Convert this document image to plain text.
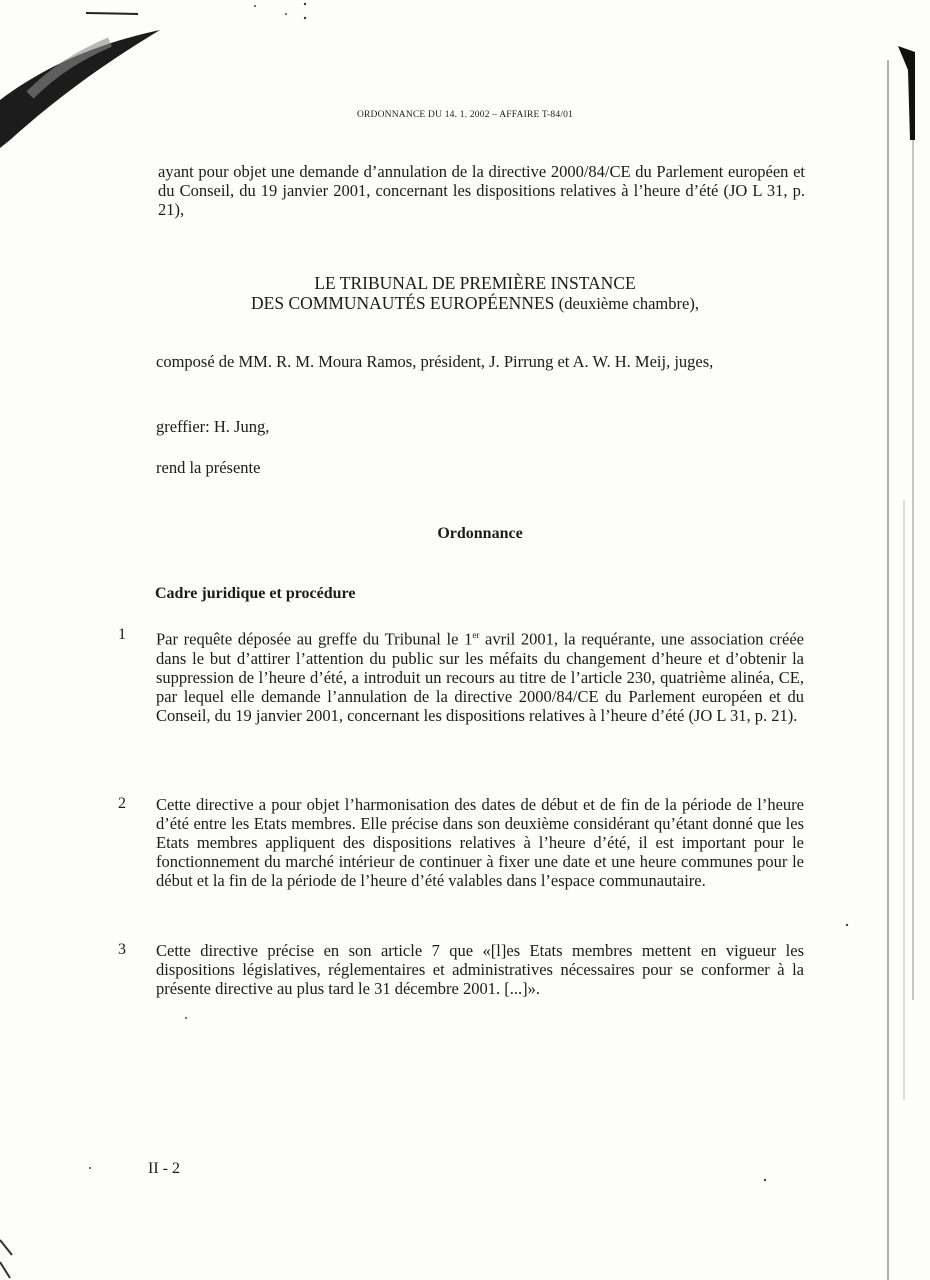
ORDONNANCE DU 14. 1. 2002 – AFFAIRE T-84/01
ayant pour objet une demande d’annulation de la directive 2000/84/CE du Parlement européen et du Conseil, du 19 janvier 2001, concernant les dispositions relatives à l’heure d’été (JO L 31, p. 21),
LE TRIBUNAL DE PREMIÈRE INSTANCE
DES COMMUNAUTÉS EUROPÉENNES (deuxième chambre),
composé de MM. R. M. Moura Ramos, président, J. Pirrung et A. W. H. Meij, juges,
greffier: H. Jung,
rend la présente
Ordonnance
Cadre juridique et procédure
1 Par requête déposée au greffe du Tribunal le 1er avril 2001, la requérante, une association créée dans le but d’attirer l’attention du public sur les méfaits du changement d’heure et d’obtenir la suppression de l’heure d’été, a introduit un recours au titre de l’article 230, quatrième alinéa, CE, par lequel elle demande l’annulation de la directive 2000/84/CE du Parlement européen et du Conseil, du 19 janvier 2001, concernant les dispositions relatives à l’heure d’été (JO L 31, p. 21).
2 Cette directive a pour objet l’harmonisation des dates de début et de fin de la période de l’heure d’été entre les Etats membres. Elle précise dans son deuxième considérant qu’étant donné que les Etats membres appliquent des dispositions relatives à l’heure d’été, il est important pour le fonctionnement du marché intérieur de continuer à fixer une date et une heure communes pour le début et la fin de la période de l’heure d’été valables dans l’espace communautaire.
3 Cette directive précise en son article 7 que «[l]es Etats membres mettent en vigueur les dispositions législatives, réglementaires et administratives nécessaires pour se conformer à la présente directive au plus tard le 31 décembre 2001. [...]».
II - 2
